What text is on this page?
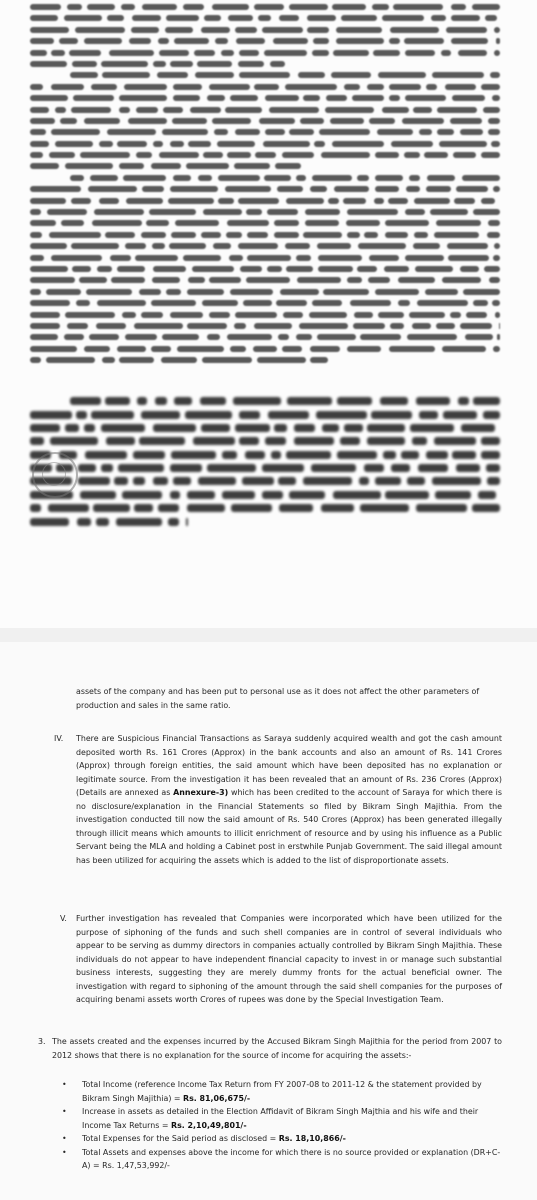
assets of the company and has been put to personal use as it does not affect the other parameters of production and sales in the same ratio.

IV. There are Suspicious Financial Transactions as Saraya suddenly acquired wealth and got the cash amount deposited worth Rs. 161 Crores (Approx) in the bank accounts and also an amount of Rs. 141 Crores (Approx) through foreign entities, the said amount which have been deposited has no explanation or legitimate source. From the investigation it has been revealed that an amount of Rs. 236 Crores (Approx) (Details are annexed as Annexure-3) which has been credited to the account of Saraya for which there is no disclosure/explanation in the Financial Statements so filed by Bikram Singh Majithia. From the investigation conducted till now the said amount of Rs. 540 Crores (Approx) has been generated illegally through illicit means which amounts to illicit enrichment of resource and by using his influence as a Public Servant being the MLA and holding a Cabinet post in erstwhile Punjab Government. The said illegal amount has been utilized for acquiring the assets which is added to the list of disproportionate assets.

V. Further investigation has revealed that Companies were incorporated which have been utilized for the purpose of siphoning of the funds and such shell companies are in control of several individuals who appear to be serving as dummy directors in companies actually controlled by Bikram Singh Majithia. These individuals do not appear to have independent financial capacity to invest in or manage such substantial business interests, suggesting they are merely dummy fronts for the actual beneficial owner. The investigation with regard to siphoning of the amount through the said shell companies for the purposes of acquiring benami assets worth Crores of rupees was done by the Special Investigation Team.

3. The assets created and the expenses incurred by the Accused Bikram Singh Majithia for the period from 2007 to 2012 shows that there is no explanation for the source of income for acquiring the assets:-

• Total Income (reference Income Tax Return from FY 2007-08 to 2011-12 & the statement provided by Bikram Singh Majithia) = Rs. 81,06,675/-
• Increase in assets as detailed in the Election Affidavit of Bikram Singh Majthia and his wife and their Income Tax Returns = Rs. 2,10,49,801/-
• Total Expenses for the Said period as disclosed = Rs. 18,10,866/-
• Total Assets and expenses above the income for which there is no source provided or explanation (DR+C-A) = Rs. 1,47,53,992/-
